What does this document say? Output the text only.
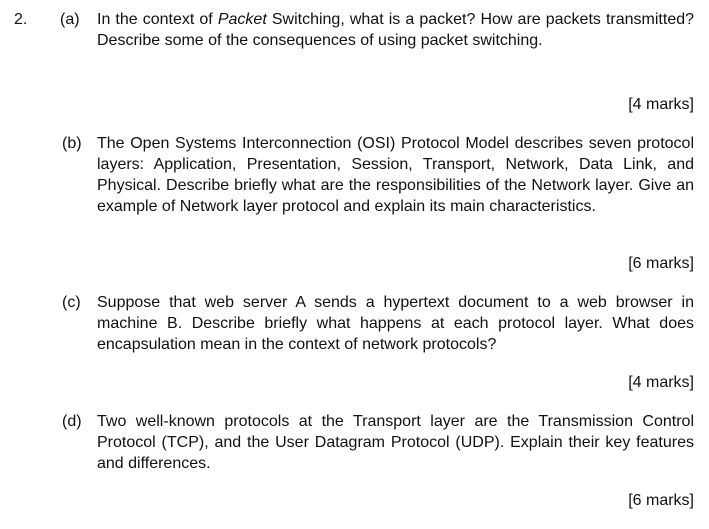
2. (a) In the context of Packet Switching, what is a packet? How are packets transmitted? Describe some of the consequences of using packet switching.
[4 marks]
(b) The Open Systems Interconnection (OSI) Protocol Model describes seven protocol layers: Application, Presentation, Session, Transport, Network, Data Link, and Physical. Describe briefly what are the responsibilities of the Network layer. Give an example of Network layer protocol and explain its main characteristics.
[6 marks]
(c) Suppose that web server A sends a hypertext document to a web browser in machine B. Describe briefly what happens at each protocol layer. What does encapsulation mean in the context of network protocols?
[4 marks]
(d) Two well-known protocols at the Transport layer are the Transmission Control Protocol (TCP), and the User Datagram Protocol (UDP). Explain their key features and differences.
[6 marks]
